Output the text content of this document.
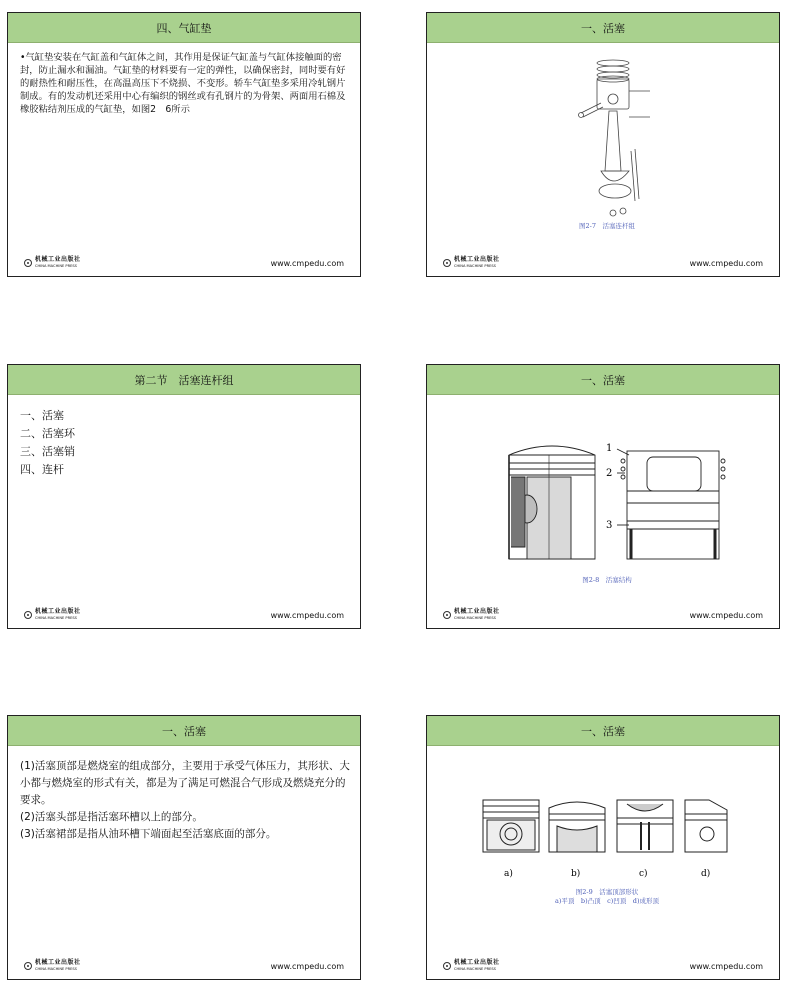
四、气缸垫
•气缸垫安装在气缸盖和气缸体之间，其作用是保证气缸盖与气缸体接触面的密封，防止漏水和漏油。气缸垫的材料要有一定的弹性，以确保密封，同时要有好的耐热性和耐压性，在高温高压下不烧损、不变形。轿车气缸垫多采用冷轧钢片制成。有的发动机还采用中心有编织的钢丝或有孔钢片的为骨架、两面用石棉及橡胶粘结剂压成的气缸垫，如图2　6所示
机械工业出版社
CHINA MACHINE PRESS	www.cmpedu.com
一、活塞
图2-7　活塞连杆组
机械工业出版社
CHINA MACHINE PRESS	www.cmpedu.com
第二节　活塞连杆组
一、活塞
二、活塞环
三、活塞销
四、连杆
机械工业出版社
CHINA MACHINE PRESS	www.cmpedu.com
一、活塞
1
2
3
图2-8　活塞结构
机械工业出版社
CHINA MACHINE PRESS	www.cmpedu.com
一、活塞
(1)活塞顶部是燃烧室的组成部分，主要用于承受气体压力，其形状、大小都与燃烧室的形式有关，都是为了满足可燃混合气形成及燃烧充分的要求。
(2)活塞头部是指活塞环槽以上的部分。
(3)活塞裙部是指从油环槽下端面起至活塞底面的部分。
机械工业出版社
CHINA MACHINE PRESS	www.cmpedu.com
一、活塞
a)	b)	c)	d)
图2-9　活塞顶部形状
a)平顶　b)凸顶　c)凹顶　d)成形顶
机械工业出版社
CHINA MACHINE PRESS	www.cmpedu.com
